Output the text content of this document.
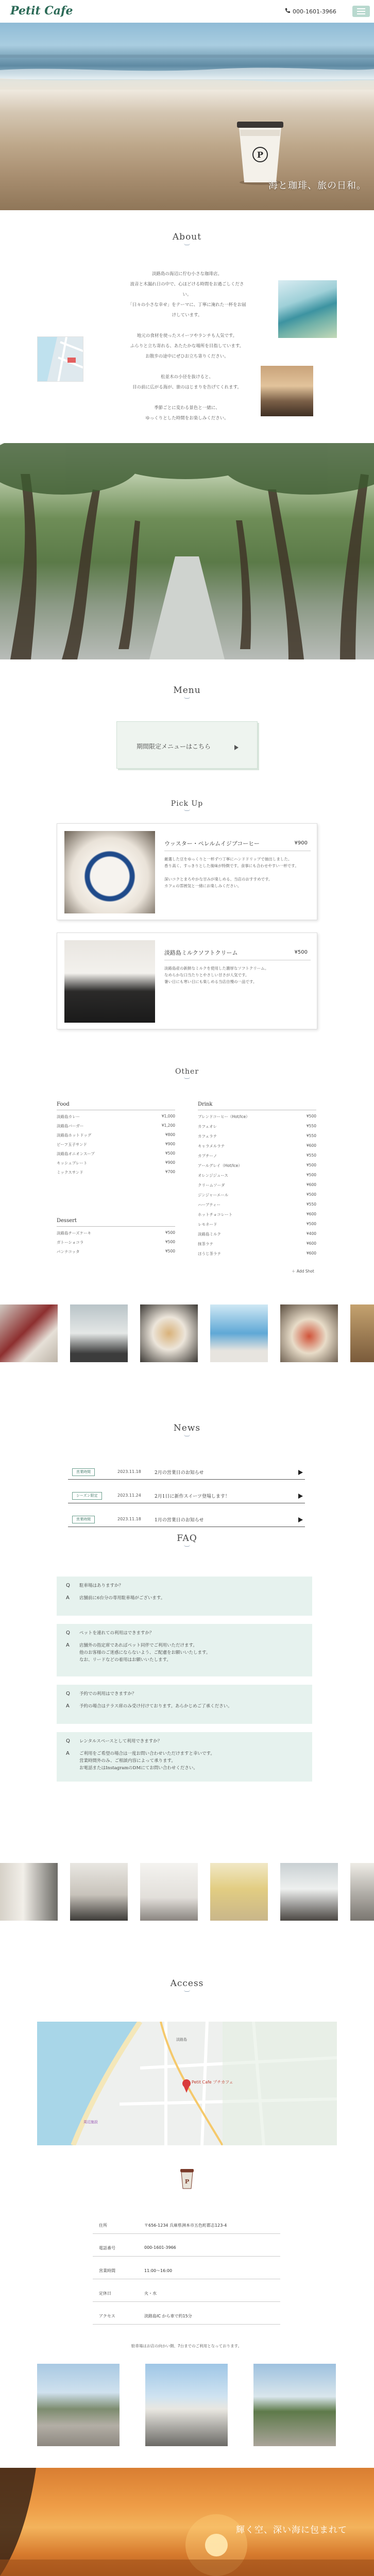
Petit Cafe	000-1601-3966
P
海と珈琲、旅の日和。
About
淡路島の海辺に佇む小さな珈琲店。
波音と木漏れ日の中で、心ほどける時間をお過ごしください。
「日々の小さな幸せ」をテーマに、丁寧に淹れた一杯をお届けしています。

地元の食材を使ったスイーツやランチも人気です。
ふらりと立ち寄れる、あたたかな場所を目指しています。
お散歩の途中にぜひお立ち寄りください。

松並木の小径を抜けると、
目の前に広がる海が、旅のはじまりを告げてくれます。

季節ごとに変わる景色と一緒に、
ゆっくりとした時間をお楽しみください。
Menu
期間限定メニューはこちら
Pick Up
ウッスター・ペレルムイジブコーヒー	¥900
厳選した豆をゆっくりと一杯ずつ丁寧にハンドドリップで抽出しました。
香り高く、すっきりとした後味が特徴です。食事にも合わせやすい一杯です。

深いコクとまろやかな甘みが楽しめる、当店のおすすめです。
カフェの雰囲気と一緒にお楽しみください。
淡路島ミルクソフトクリーム	¥500
淡路島産の新鮮なミルクを使用した濃厚なソフトクリーム。
なめらかな口当たりとやさしい甘さが人気です。
暑い日にも寒い日にも楽しめる当店自慢の一品です。
Other
Food
淡路島カレー	¥1,000
淡路島バーガー	¥1,200
淡路島ホットドッグ	¥800
ビーフ玉子サンド	¥900
淡路島オニオンスープ	¥500
キッシュプレート	¥900
ミックスサンド	¥700
Dessert
淡路島チーズケーキ	¥500
ガトーショコラ	¥500
パンナコッタ	¥500
Drink
ブレンドコーヒー（Hot/Ice）	¥500
カフェオレ	¥550
カフェラテ	¥550
キャラメルラテ	¥600
カプチーノ	¥550
アールグレイ（Hot/Ice）	¥500
オレンジジュース	¥500
クリームソーダ	¥600
ジンジャーエール	¥500
ハーブティー	¥550
ホットチョコレート	¥600
レモネード	¥500
淡路島ミルク	¥400
抹茶ラテ	¥600
ほうじ茶ラテ	¥600
＋ Add Shot
News
営業時間	2023.11.18	2月の営業日のお知らせ
シーズン限定	2023.11.24	2月1日に新作スイーツ登場します！
営業時間	2023.11.18	1月の営業日のお知らせ
FAQ
Q 駐車場はありますか？
A 店舗前に6台分の専用駐車場がございます。
Q ペットを連れての利用はできますか？
A 店舗外の指定席であればペット同伴でご利用いただけます。
他のお客様のご迷惑にならないよう、ご配慮をお願いいたします。
なお、リードなどの着用はお願いいたします。
Q 予約での利用はできますか？
A 予約の場合はテラス席のみ受け付けております。あらかじめご了承ください。
Q レンタルスペースとして利用できますか？
A ご利用をご希望の場合は一度お問い合わせいただけますと幸いです。
営業時間外のみ、ご相談内容によって承ります。
お電話またはInstagramのDMにてお問い合わせください。
Access
Petit Cafe プチカフェ
淡路島
周辺施設
P
住所	〒656-1234 兵庫県洲本市五色町都志123-4
電話番号	000-1601-3966
営業時間	11:00〜16:00
定休日	火・水
アクセス	淡路島IC から車で約15分
駐車場はお店の向かい側、7台までのご利用となっております。
輝く空、深い海に包まれて
